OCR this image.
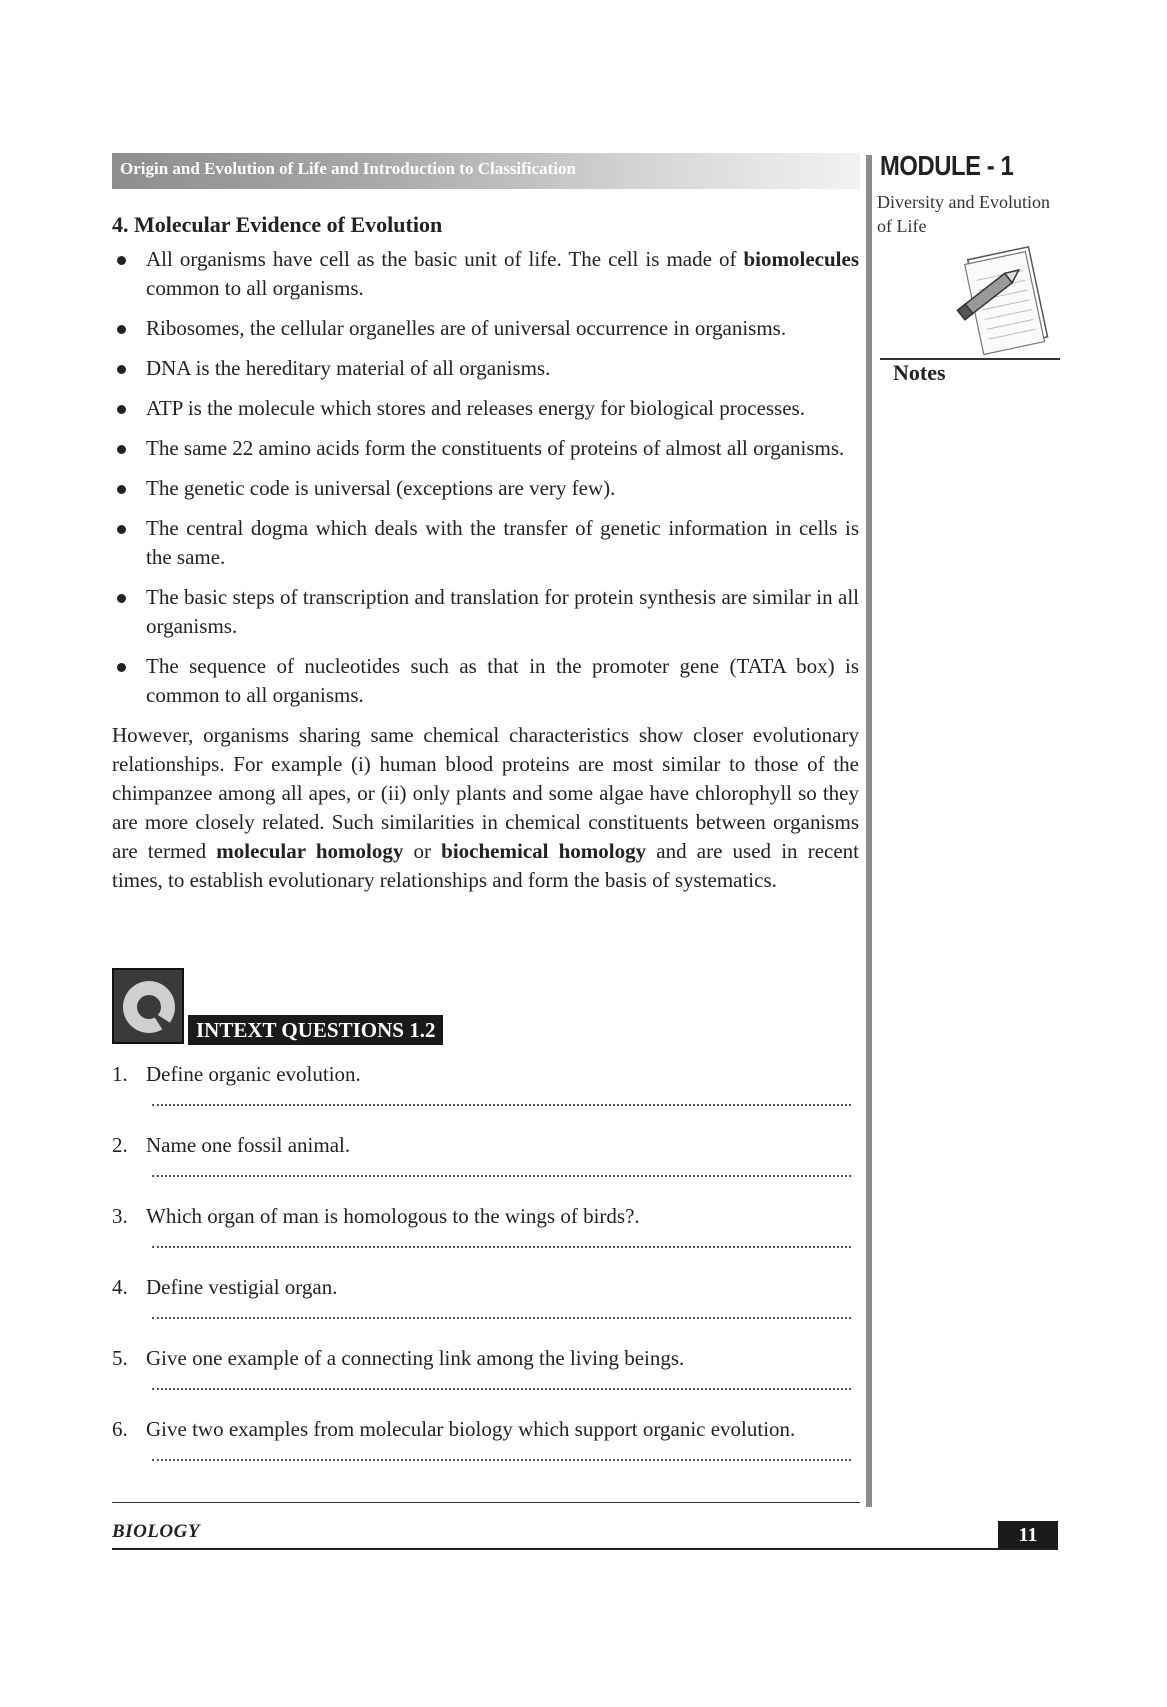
Origin and Evolution of Life and Introduction to Classification	MODULE - 1
Diversity and Evolution of Life
Notes
4. Molecular Evidence of Evolution
All organisms have cell as the basic unit of life. The cell is made of biomolecules common to all organisms.
Ribosomes, the cellular organelles are of universal occurrence in organisms.
DNA is the hereditary material of all organisms.
ATP is the molecule which stores and releases energy for biological processes.
The same 22 amino acids form the constituents of proteins of almost all organisms.
The genetic code is universal (exceptions are very few).
The central dogma which deals with the transfer of genetic information in cells is the same.
The basic steps of transcription and translation for protein synthesis are similar in all organisms.
The sequence of nucleotides such as that in the promoter gene (TATA box) is common to all organisms.
However, organisms sharing same chemical characteristics show closer evolutionary relationships. For example (i) human blood proteins are most similar to those of the chimpanzee among all apes, or (ii) only plants and some algae have chlorophyll so they are more closely related. Such similarities in chemical constituents between organisms are termed molecular homology or biochemical homology and are used in recent times, to establish evolutionary relationships and form the basis of systematics.
INTEXT QUESTIONS 1.2
1. Define organic evolution.
2. Name one fossil animal.
3. Which organ of man is homologous to the wings of birds?.
4. Define vestigial organ.
5. Give one example of a connecting link among the living beings.
6. Give two examples from molecular biology which support organic evolution.
BIOLOGY	11
